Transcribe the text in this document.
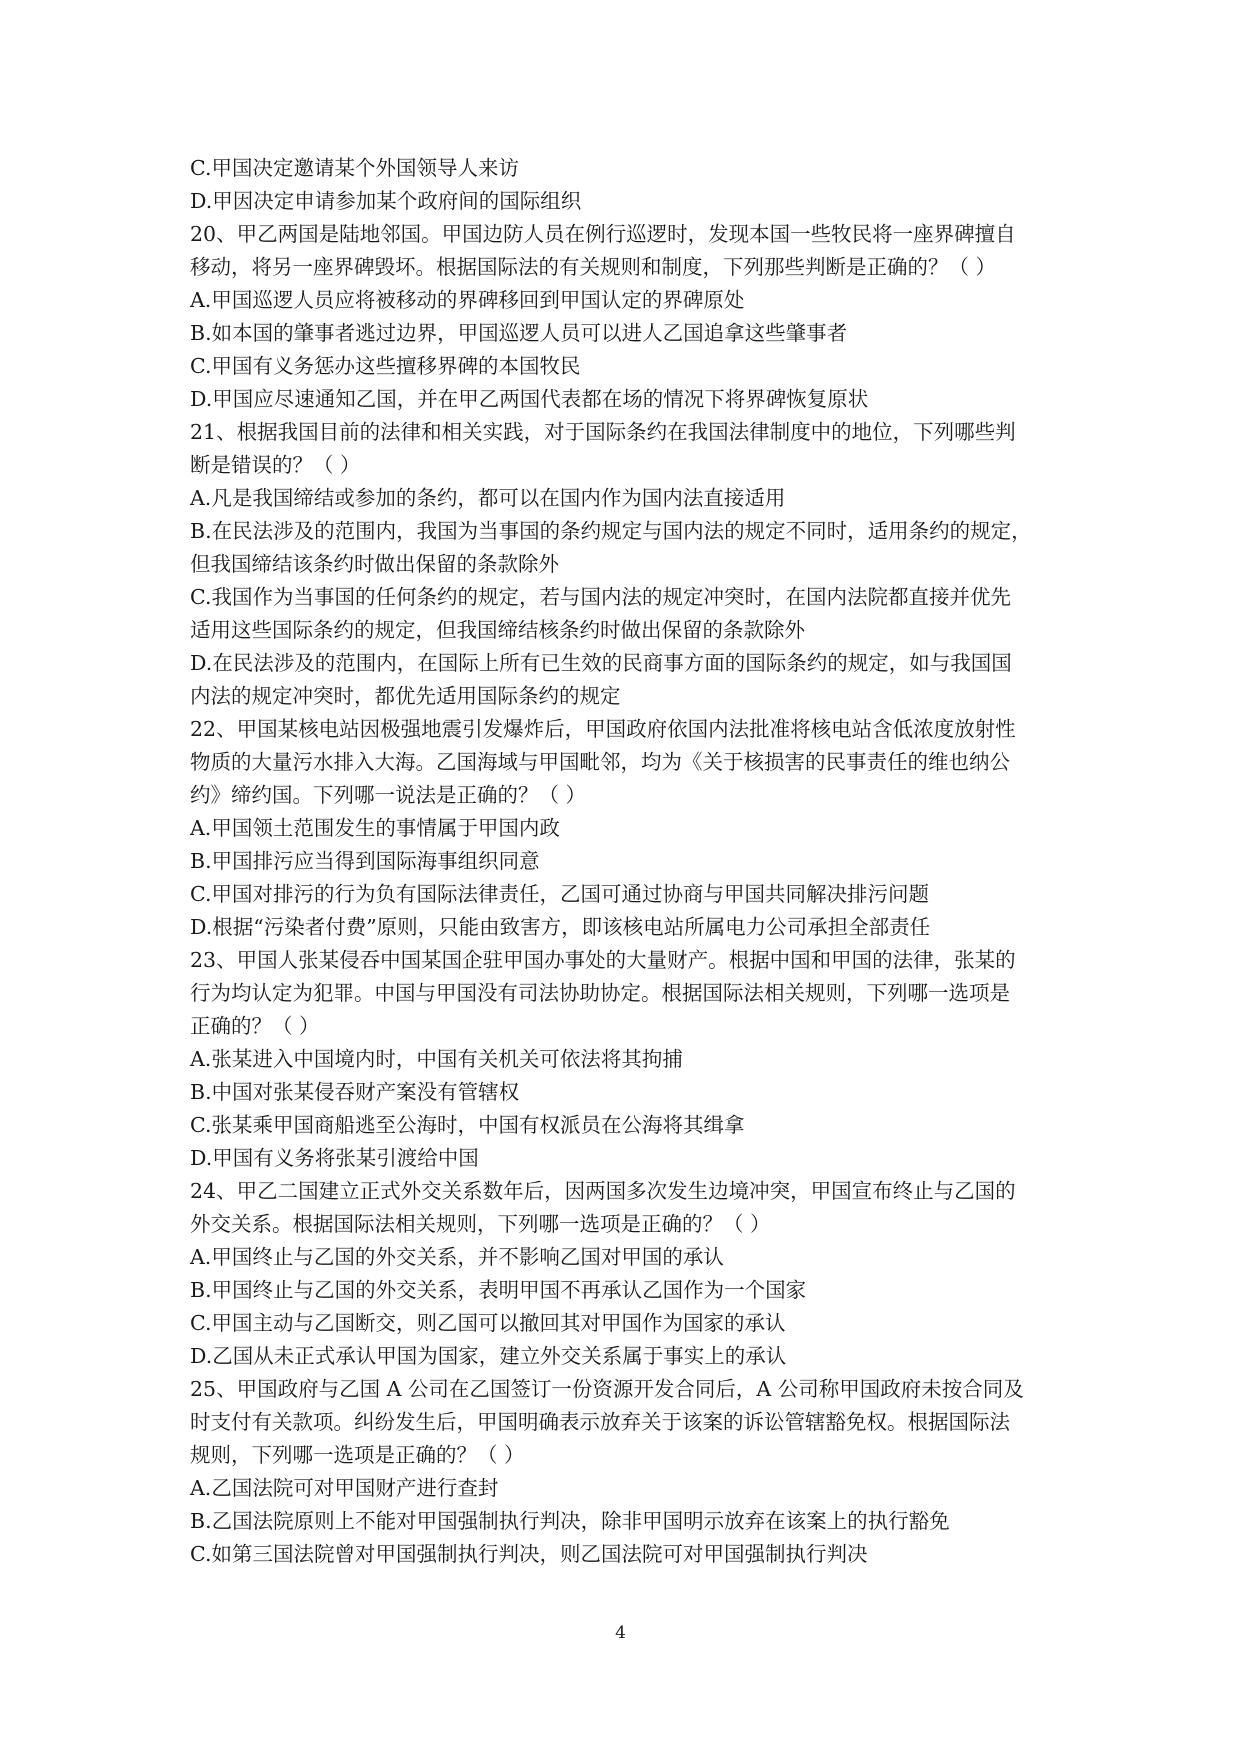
C.甲国决定邀请某个外国领导人来访
D.甲因决定申请参加某个政府间的国际组织
20、甲乙两国是陆地邻国。甲国边防人员在例行巡逻时，发现本国一些牧民将一座界碑擅自
移动，将另一座界碑毁坏。根据国际法的有关规则和制度，下列那些判断是正确的？（ ）
A.甲国巡逻人员应将被移动的界碑移回到甲国认定的界碑原处
B.如本国的肇事者逃过边界，甲国巡逻人员可以进人乙国追拿这些肇事者
C.甲国有义务惩办这些擅移界碑的本国牧民
D.甲国应尽速通知乙国，并在甲乙两国代表都在场的情况下将界碑恢复原状
21、根据我国目前的法律和相关实践，对于国际条约在我国法律制度中的地位，下列哪些判
断是错误的？（ ）
A.凡是我国缔结或参加的条约，都可以在国内作为国内法直接适用
B.在民法涉及的范围内，我国为当事国的条约规定与国内法的规定不同时，适用条约的规定，
但我国缔结该条约时做出保留的条款除外
C.我国作为当事国的任何条约的规定，若与国内法的规定冲突时，在国内法院都直接并优先
适用这些国际条约的规定，但我国缔结核条约时做出保留的条款除外
D.在民法涉及的范围内，在国际上所有已生效的民商事方面的国际条约的规定，如与我国国
内法的规定冲突时，都优先适用国际条约的规定
22、甲国某核电站因极强地震引发爆炸后，甲国政府依国内法批准将核电站含低浓度放射性
物质的大量污水排入大海。乙国海域与甲国毗邻，均为《关于核损害的民事责任的维也纳公
约》缔约国。下列哪一说法是正确的？（ ）
A.甲国领土范围发生的事情属于甲国内政
B.甲国排污应当得到国际海事组织同意
C.甲国对排污的行为负有国际法律责任，乙国可通过协商与甲国共同解决排污问题
D.根据“污染者付费”原则，只能由致害方，即该核电站所属电力公司承担全部责任
23、甲国人张某侵吞中国某国企驻甲国办事处的大量财产。根据中国和甲国的法律，张某的
行为均认定为犯罪。中国与甲国没有司法协助协定。根据国际法相关规则，下列哪一选项是
正确的？（ ）
A.张某进入中国境内时，中国有关机关可依法将其拘捕
B.中国对张某侵吞财产案没有管辖权
C.张某乘甲国商船逃至公海时，中国有权派员在公海将其缉拿
D.甲国有义务将张某引渡给中国
24、甲乙二国建立正式外交关系数年后，因两国多次发生边境冲突，甲国宣布终止与乙国的
外交关系。根据国际法相关规则，下列哪一选项是正确的？（ ）
A.甲国终止与乙国的外交关系，并不影响乙国对甲国的承认
B.甲国终止与乙国的外交关系，表明甲国不再承认乙国作为一个国家
C.甲国主动与乙国断交，则乙国可以撤回其对甲国作为国家的承认
D.乙国从未正式承认甲国为国家，建立外交关系属于事实上的承认
25、甲国政府与乙国 A 公司在乙国签订一份资源开发合同后，A 公司称甲国政府未按合同及
时支付有关款项。纠纷发生后，甲国明确表示放弃关于该案的诉讼管辖豁免权。根据国际法
规则，下列哪一选项是正确的？（ ）
A.乙国法院可对甲国财产进行查封
B.乙国法院原则上不能对甲国强制执行判决，除非甲国明示放弃在该案上的执行豁免
C.如第三国法院曾对甲国强制执行判决，则乙国法院可对甲国强制执行判决
4
